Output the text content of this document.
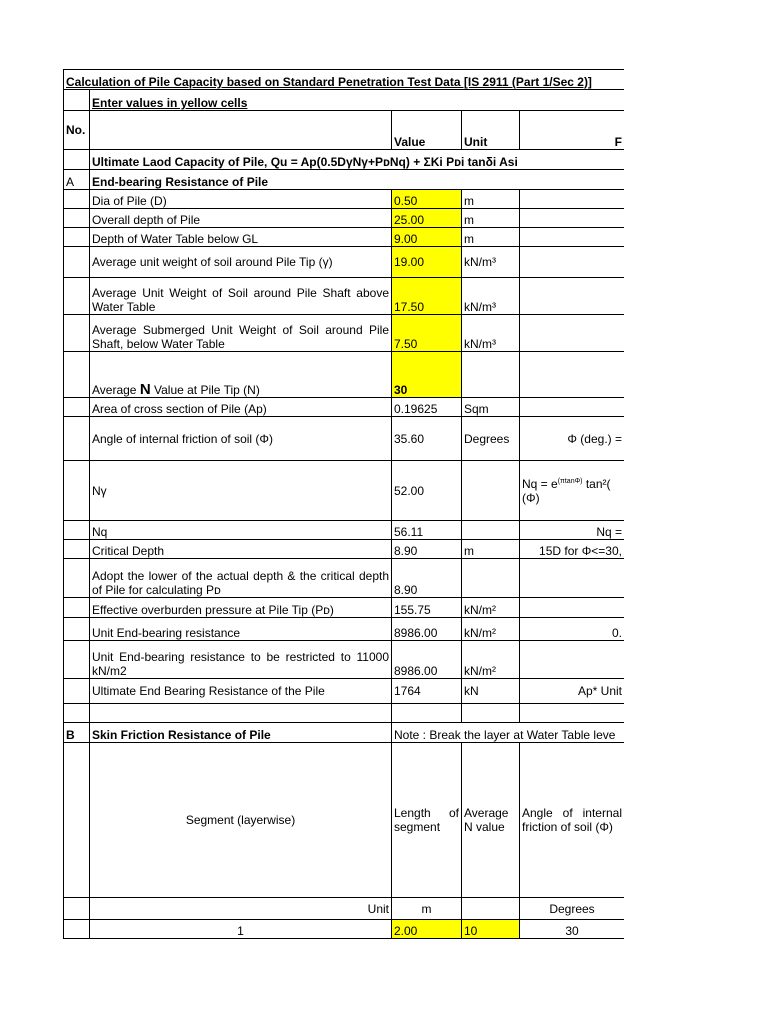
Calculation of Pile Capacity based on Standard Penetration Test Data [IS 2911 (Part 1/Sec 2)]				
	Enter values in yellow cells			
No.		Value	Unit	F
	Ultimate Laod Capacity of Pile, Qu = Ap(0.5DγNγ+PᴅNq) + ΣKi Pᴅi tanδi Asi			
A	End-bearing Resistance of Pile			
	Dia of Pile (D)	0.50	m	
	Overall depth of Pile	25.00	m	
	Depth of Water Table below GL	9.00	m	
	Average unit weight of soil around Pile Tip (γ)	19.00	kN/m³	
	Average Unit Weight of Soil around Pile Shaft above Water Table	17.50	kN/m³	
	Average Submerged Unit Weight of Soil around Pile Shaft, below Water Table	7.50	kN/m³	
	Average N Value at Pile Tip (N)	30		
	Area of cross section of Pile (Ap)	0.19625	Sqm	
	Angle of internal friction of soil (Φ)	35.60	Degrees	Φ (deg.) =
	Nγ	52.00		$Nq = e^{(\pi tan\Phi)}$ tan²(
(Φ)
	Nq	56.11		Nq =
	Critical Depth	8.90	m	15D for Φ<=30,
	Adopt the lower of the actual depth & the critical depth of Pile for calculating Pᴅ	8.90		
	Effective overburden pressure at Pile Tip (Pᴅ)	155.75	kN/m²	
	Unit End-bearing resistance	8986.00	kN/m²	0.
	Unit End-bearing resistance to be restricted to 11000 kN/m2	8986.00	kN/m²	
	Ultimate End Bearing Resistance of the Pile	1764	kN	Ap* Unit

B	Skin Friction Resistance of Pile	Note : Break the layer at Water Table leve		
	Segment (layerwise)	Length of segment	Average N value	Angle of internal friction of soil (Φ)
	Unit	m		Degrees
	1	2.00	10	30
